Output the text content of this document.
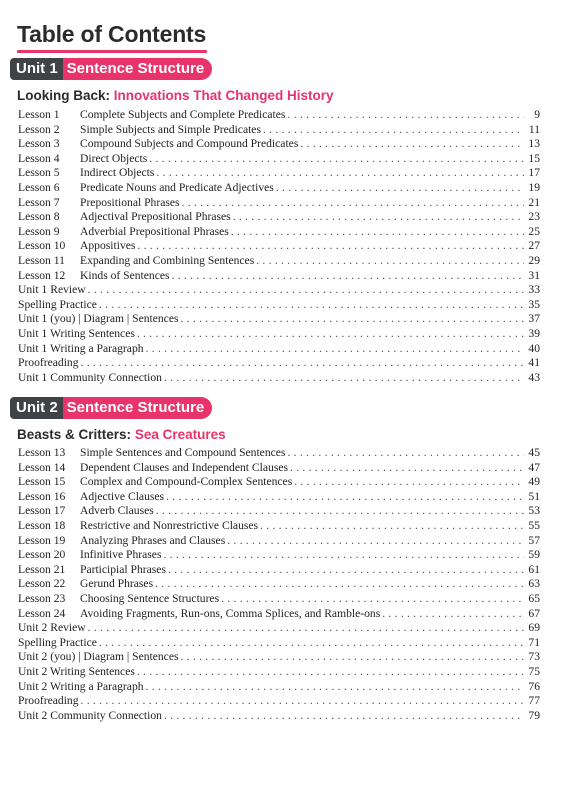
Table of Contents
Unit 1 Sentence Structure
Looking Back: Innovations That Changed History
Lesson 1	Complete Subjects and Complete Predicates . . .	9
Lesson 2	Simple Subjects and Simple Predicates . . .	11
Lesson 3	Compound Subjects and Compound Predicates . . .	13
Lesson 4	Direct Objects . . .	15
Lesson 5	Indirect Objects . . .	17
Lesson 6	Predicate Nouns and Predicate Adjectives . . .	19
Lesson 7	Prepositional Phrases . . .	21
Lesson 8	Adjectival Prepositional Phrases . . .	23
Lesson 9	Adverbial Prepositional Phrases . . .	25
Lesson 10	Appositives . . .	27
Lesson 11	Expanding and Combining Sentences . . .	29
Lesson 12	Kinds of Sentences . . .	31
Unit 1 Review . . .	33
Spelling Practice . . .	35
Unit 1 (you) | Diagram | Sentences . . .	37
Unit 1 Writing Sentences . . .	39
Unit 1 Writing a Paragraph . . .	40
Proofreading . . .	41
Unit 1 Community Connection . . .	43
Unit 2 Sentence Structure
Beasts & Critters: Sea Creatures
Lesson 13	Simple Sentences and Compound Sentences . . .	45
Lesson 14	Dependent Clauses and Independent Clauses . . .	47
Lesson 15	Complex and Compound-Complex Sentences . . .	49
Lesson 16	Adjective Clauses . . .	51
Lesson 17	Adverb Clauses . . .	53
Lesson 18	Restrictive and Nonrestrictive Clauses . . .	55
Lesson 19	Analyzing Phrases and Clauses . . .	57
Lesson 20	Infinitive Phrases . . .	59
Lesson 21	Participial Phrases . . .	61
Lesson 22	Gerund Phrases . . .	63
Lesson 23	Choosing Sentence Structures . . .	65
Lesson 24	Avoiding Fragments, Run-ons, Comma Splices, and Ramble-ons . . .	67
Unit 2 Review . . .	69
Spelling Practice . . .	71
Unit 2 (you) | Diagram | Sentences . . .	73
Unit 2 Writing Sentences . . .	75
Unit 2 Writing a Paragraph . . .	76
Proofreading . . .	77
Unit 2 Community Connection . . .	79
